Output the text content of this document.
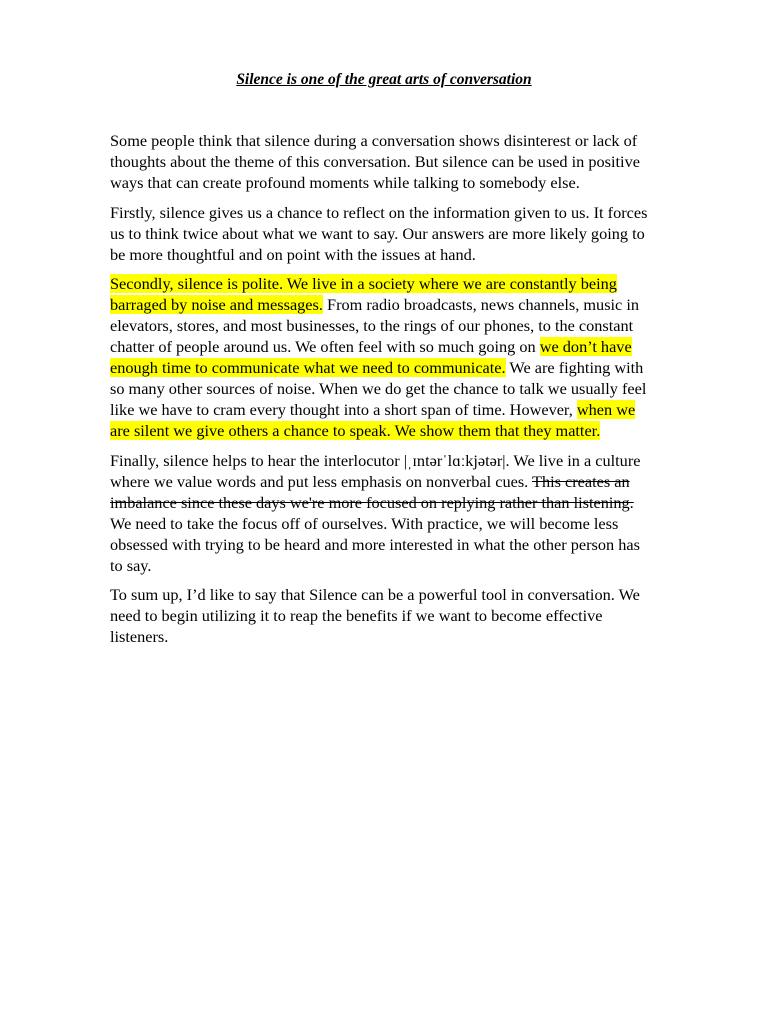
Silence is one of the great arts of conversation

Some people think that silence during a conversation shows disinterest or lack of
thoughts about the theme of this conversation. But silence can be used in positive
ways that can create profound moments while talking to somebody else.

Firstly, silence gives us a chance to reflect on the information given to us. It forces
us to think twice about what we want to say. Our answers are more likely going to
be more thoughtful and on point with the issues at hand.

Secondly, silence is polite. We live in a society where we are constantly being
barraged by noise and messages. From radio broadcasts, news channels, music in
elevators, stores, and most businesses, to the rings of our phones, to the constant
chatter of people around us. We often feel with so much going on we don’t have
enough time to communicate what we need to communicate. We are fighting with
so many other sources of noise. When we do get the chance to talk we usually feel
like we have to cram every thought into a short span of time. However, when we
are silent we give others a chance to speak. We show them that they matter.

Finally, silence helps to hear the interlocutor |ˌɪntərˈlɑːkjətər|. We live in a culture
where we value words and put less emphasis on nonverbal cues. This creates an
imbalance since these days we're more focused on replying rather than listening.
We need to take the focus off of ourselves. With practice, we will become less
obsessed with trying to be heard and more interested in what the other person has
to say.

To sum up, I’d like to say that Silence can be a powerful tool in conversation. We
need to begin utilizing it to reap the benefits if we want to become effective
listeners.
